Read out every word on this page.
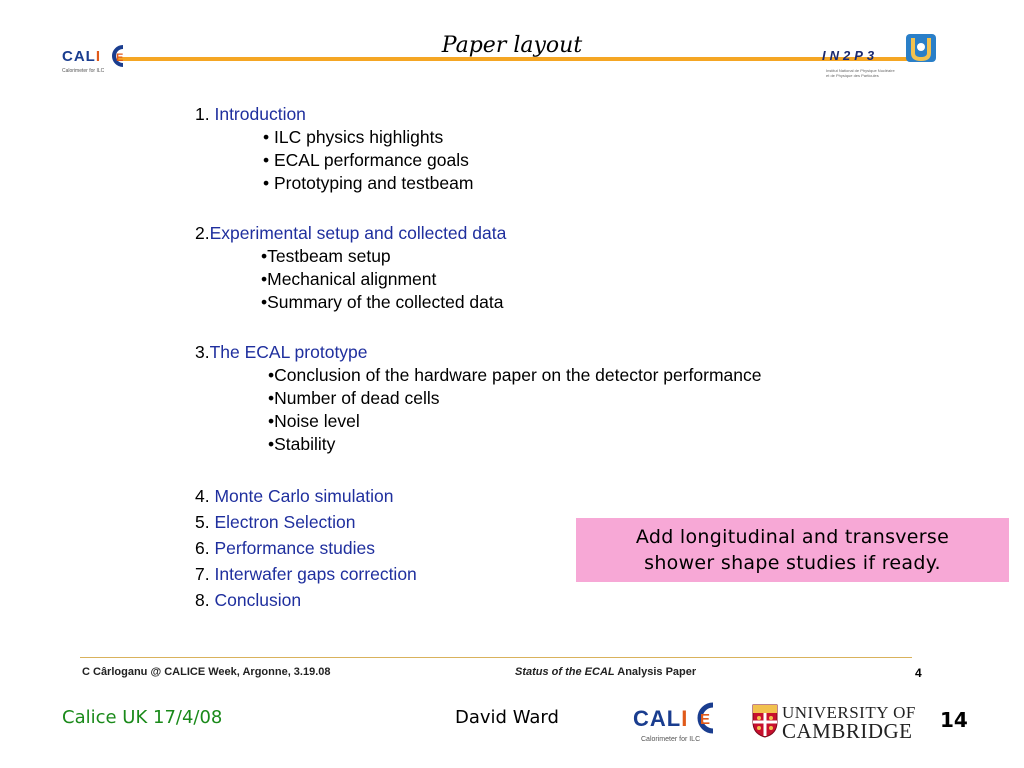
CALI E
Calorimeter for ILC
Paper layout	IN2P3
Institut National de Physique Nucléaire
et de Physique des Particules
1. Introduction
• ILC physics highlights
• ECAL performance goals
• Prototyping and testbeam
2.Experimental setup and collected data
•Testbeam setup
•Mechanical alignment
•Summary of the collected data
3.The ECAL prototype
•Conclusion of the hardware paper on the detector performance
•Number of dead cells
•Noise level
•Stability
4. Monte Carlo simulation
5. Electron Selection
6. Performance studies
7. Interwafer gaps correction
8. Conclusion
Add longitudinal and transverse
shower shape studies if ready.
C Cârloganu @ CALICE Week, Argonne, 3.19.08	Status of the ECAL Analysis Paper	4
Calice UK 17/4/08	David Ward	CALI E
Calorimeter for ILC
UNIVERSITY OF
CAMBRIDGE 14
